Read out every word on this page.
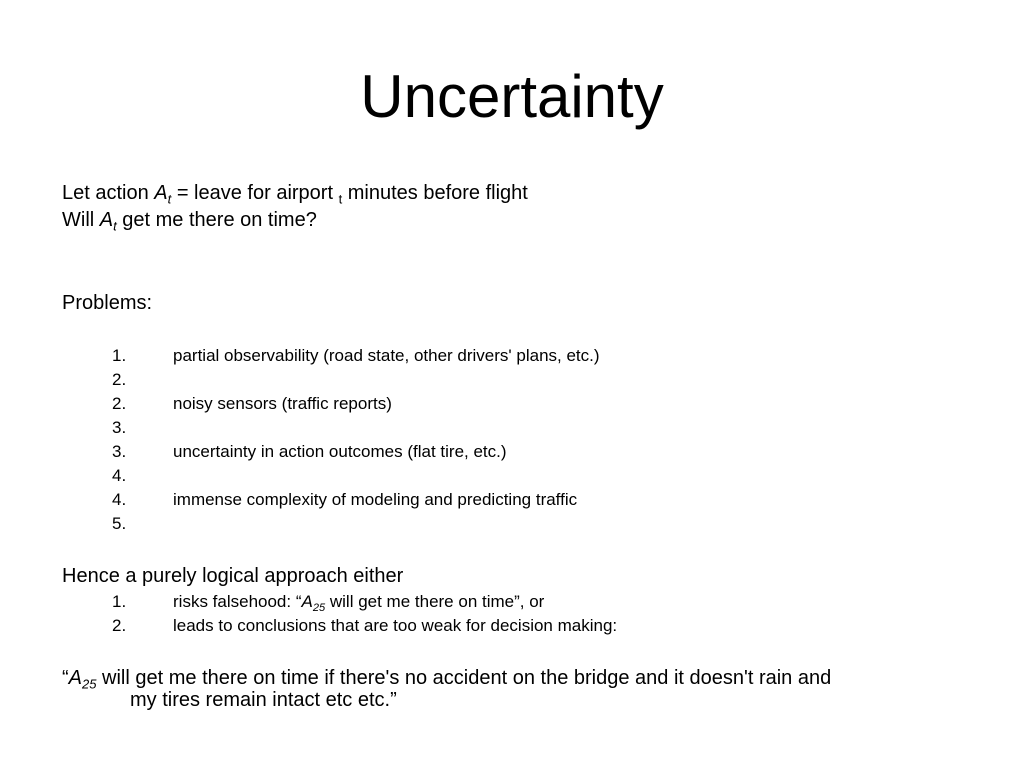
Uncertainty
Let action $A_t$ = leave for airport $_t$ minutes before flight
Will $A_t$ get me there on time?
Problems:
1.	partial observability (road state, other drivers' plans, etc.)
2.
2.	noisy sensors (traffic reports)
3.
3.	uncertainty in action outcomes (flat tire, etc.)
4.
4.	immense complexity of modeling and predicting traffic
5.
Hence a purely logical approach either
1.	risks falsehood: “$A_{25}$ will get me there on time”, or
2.	leads to conclusions that are too weak for decision making:
“$A_{25}$ will get me there on time if there's no accident on the bridge and it doesn't rain and
my tires remain intact etc etc.”
